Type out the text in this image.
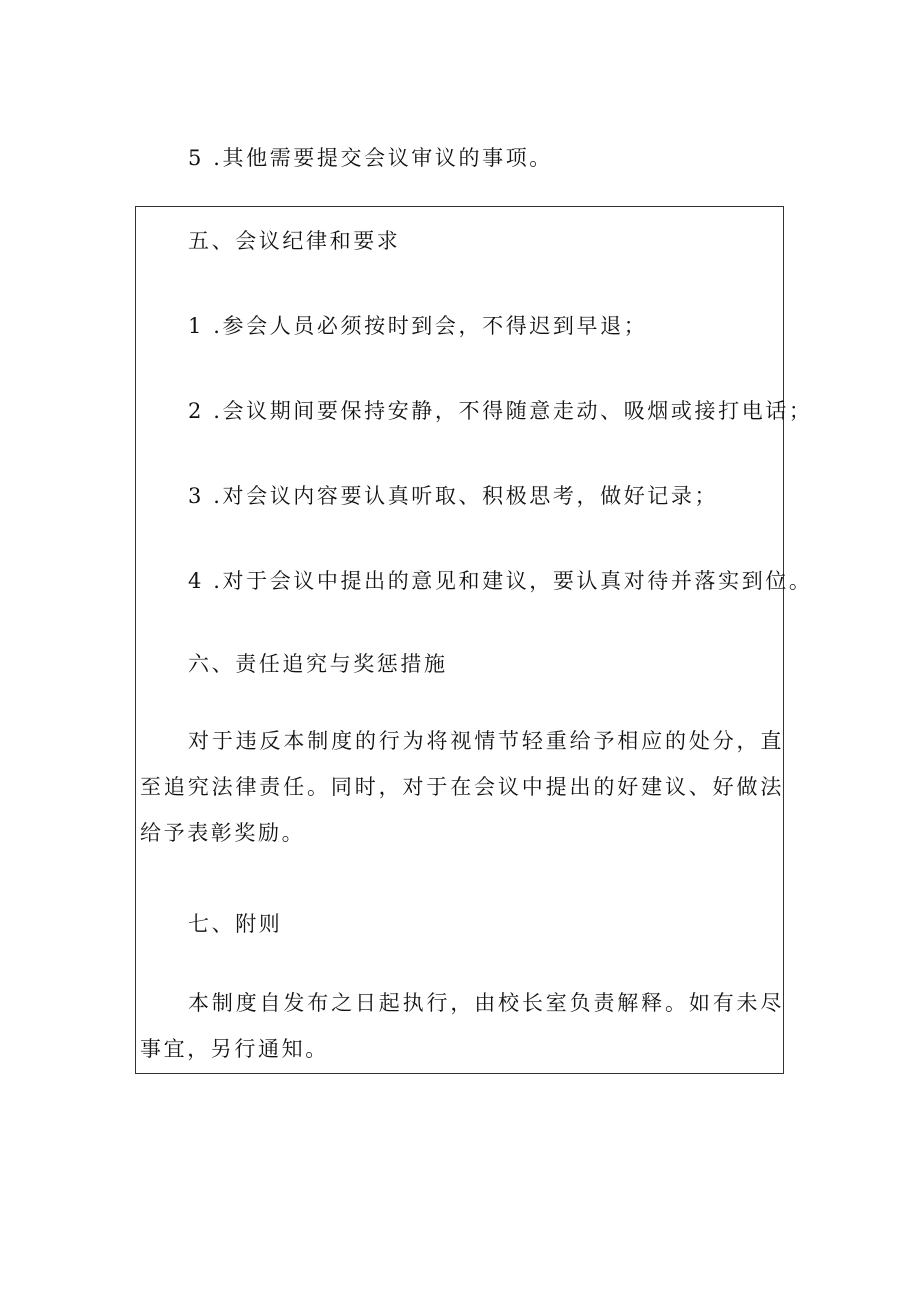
5 .其他需要提交会议审议的事项。
五、会议纪律和要求
1 .参会人员必须按时到会，不得迟到早退；
2 .会议期间要保持安静，不得随意走动、吸烟或接打电话；
3 .对会议内容要认真听取、积极思考，做好记录；
4 .对于会议中提出的意见和建议，要认真对待并落实到位。
六、责任追究与奖惩措施
对于违反本制度的行为将视情节轻重给予相应的处分，直至追究法律责任。同时，对于在会议中提出的好建议、好做法给予表彰奖励。
七、附则
本制度自发布之日起执行，由校长室负责解释。如有未尽事宜，另行通知。
